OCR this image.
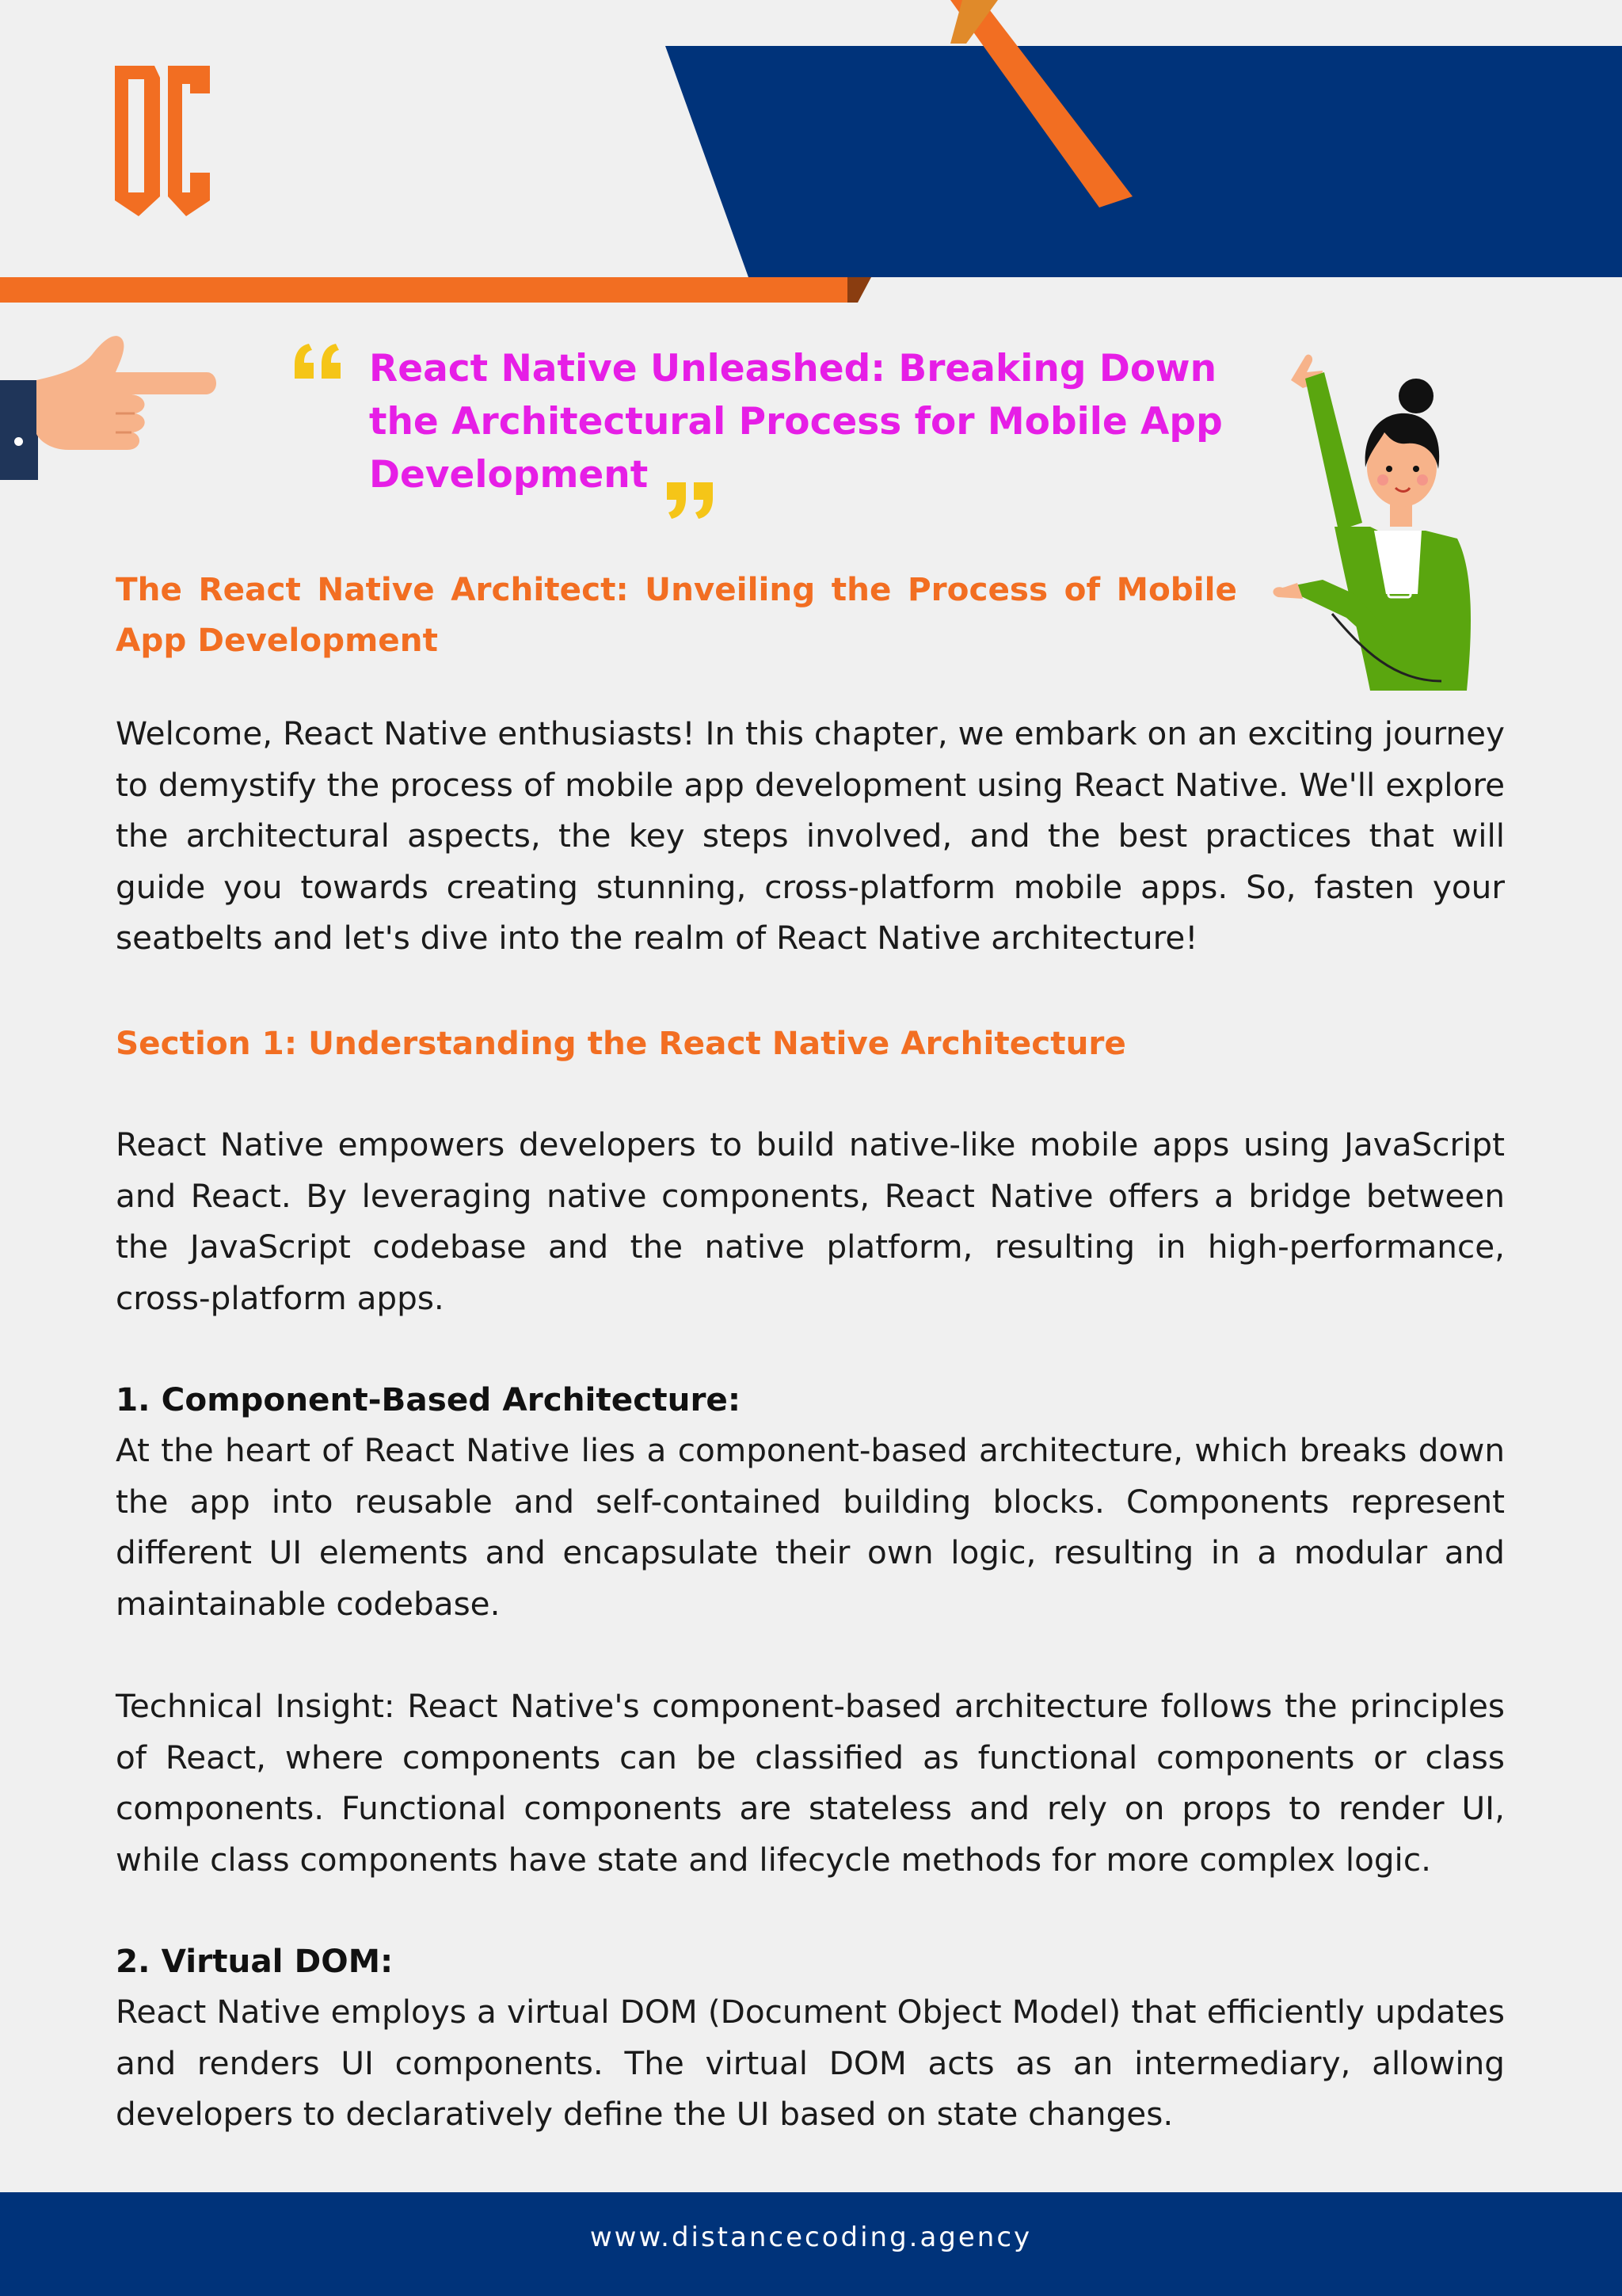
React Native Unleashed: Breaking Down the Architectural Process for Mobile App Development
The React Native Architect: Unveiling the Process of Mobile App Development
Welcome, React Native enthusiasts! In this chapter, we embark on an exciting journey to demystify the process of mobile app development using React Native. We'll explore the architectural aspects, the key steps involved, and the best practices that will guide you towards creating stunning, cross-platform mobile apps. So, fasten your seatbelts and let's dive into the realm of React Native architecture!
Section 1: Understanding the React Native Architecture
React Native empowers developers to build native-like mobile apps using JavaScript and React. By leveraging native components, React Native offers a bridge between the JavaScript codebase and the native platform, resulting in high-performance, cross-platform apps.
1. Component-Based Architecture:
At the heart of React Native lies a component-based architecture, which breaks down the app into reusable and self-contained building blocks. Components represent different UI elements and encapsulate their own logic, resulting in a modular and maintainable codebase.
Technical Insight: React Native's component-based architecture follows the principles of React, where components can be classified as functional components or class components. Functional components are stateless and rely on props to render UI, while class components have state and lifecycle methods for more complex logic.
2. Virtual DOM:
React Native employs a virtual DOM (Document Object Model) that efficiently updates and renders UI components. The virtual DOM acts as an intermediary, allowing developers to declaratively define the UI based on state changes.
www.distancecoding.agency
